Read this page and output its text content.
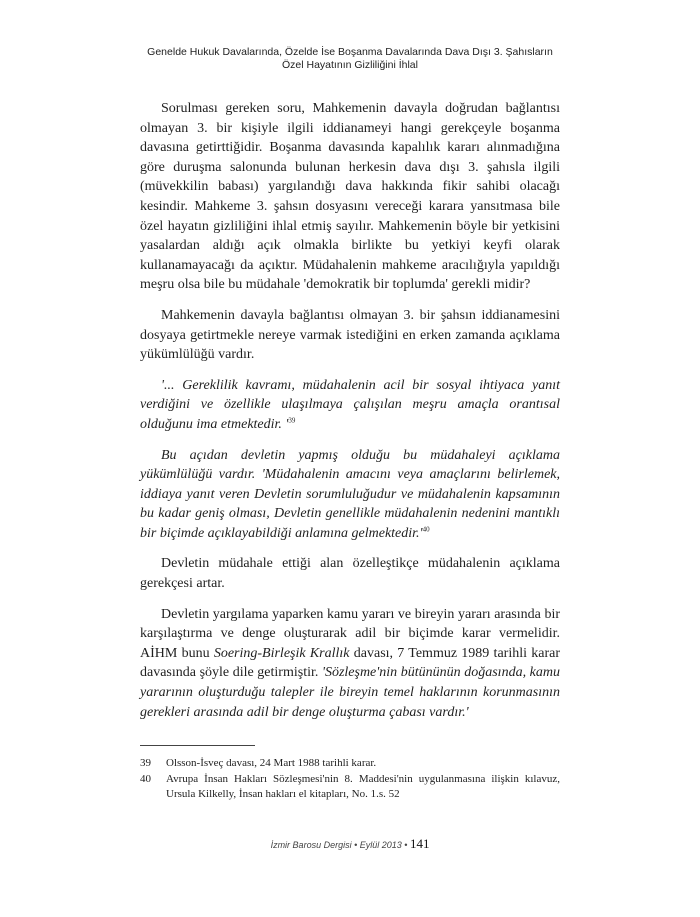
Genelde Hukuk Davalarında, Özelde İse Boşanma Davalarında Dava Dışı 3. Şahısların
Özel Hayatının Gizliliğini İhlal

Sorulması gereken soru, Mahkemenin davayla doğrudan bağlantısı olmayan 3. bir kişiyle ilgili iddianameyi hangi gerekçeyle boşanma davasına getirttiğidir. Boşanma davasında kapalılık kararı alınmadığına göre duruşma salonunda bulunan herkesin dava dışı 3. şahısla ilgili (müvekkilin babası) yargılandığı dava hakkında fikir sahibi olacağı kesindir. Mahkeme 3. şahsın dosyasını vereceği karara yansıtmasa bile özel hayatın gizliliğini ihlal etmiş sayılır. Mahkemenin böyle bir yetkisini yasalardan aldığı açık olmakla birlikte bu yetkiyi keyfi olarak kullanamayacağı da açıktır. Müdahalenin mahkeme aracılığıyla yapıldığı meşru olsa bile bu müdahale 'demokratik bir toplumda' gerekli midir?

Mahkemenin davayla bağlantısı olmayan 3. bir şahsın iddianamesini dosyaya getirtmekle nereye varmak istediğini en erken zamanda açıklama yükümlülüğü vardır.

'... Gereklilik kavramı, müdahalenin acil bir sosyal ihtiyaca yanıt verdiğini ve özellikle ulaşılmaya çalışılan meşru amaçla orantısal olduğunu ima etmektedir. '$^{39}$

Bu açıdan devletin yapmış olduğu bu müdahaleyi açıklama yükümlülüğü vardır. 'Müdahalenin amacını veya amaçlarını belirlemek, iddiaya yanıt veren Devletin sorumluluğudur ve müdahalenin kapsamının bu kadar geniş olması, Devletin genellikle müdahalenin nedenini mantıklı bir biçimde açıklayabildiği anlamına $gelmektedir.'^{40}$

Devletin müdahale ettiği alan özelleştikçe müdahalenin açıklama gerekçesi artar.

Devletin yargılama yaparken kamu yararı ve bireyin yararı arasında bir karşılaştırma ve denge oluşturarak adil bir biçimde karar vermelidir. AİHM bunu Soering-Birleşik Krallık davası, 7 Temmuz 1989 tarihli karar davasında şöyle dile getirmiştir. 'Sözleşme'nin bütününün doğasında, kamu yararının oluşturduğu talepler ile bireyin temel haklarının korunmasının gerekleri arasında adil bir denge oluşturma çabası vardır.'

39	Olsson-İsveç davası, 24 Mart 1988 tarihli karar.
40	Avrupa İnsan Hakları Sözleşmesi'nin 8. Maddesi'nin uygulanmasına ilişkin kılavuz, Ursula Kilkelly, İnsan hakları el kitapları, No. 1.s. 52
İzmir Barosu Dergisi • Eylül 2013 • 141
